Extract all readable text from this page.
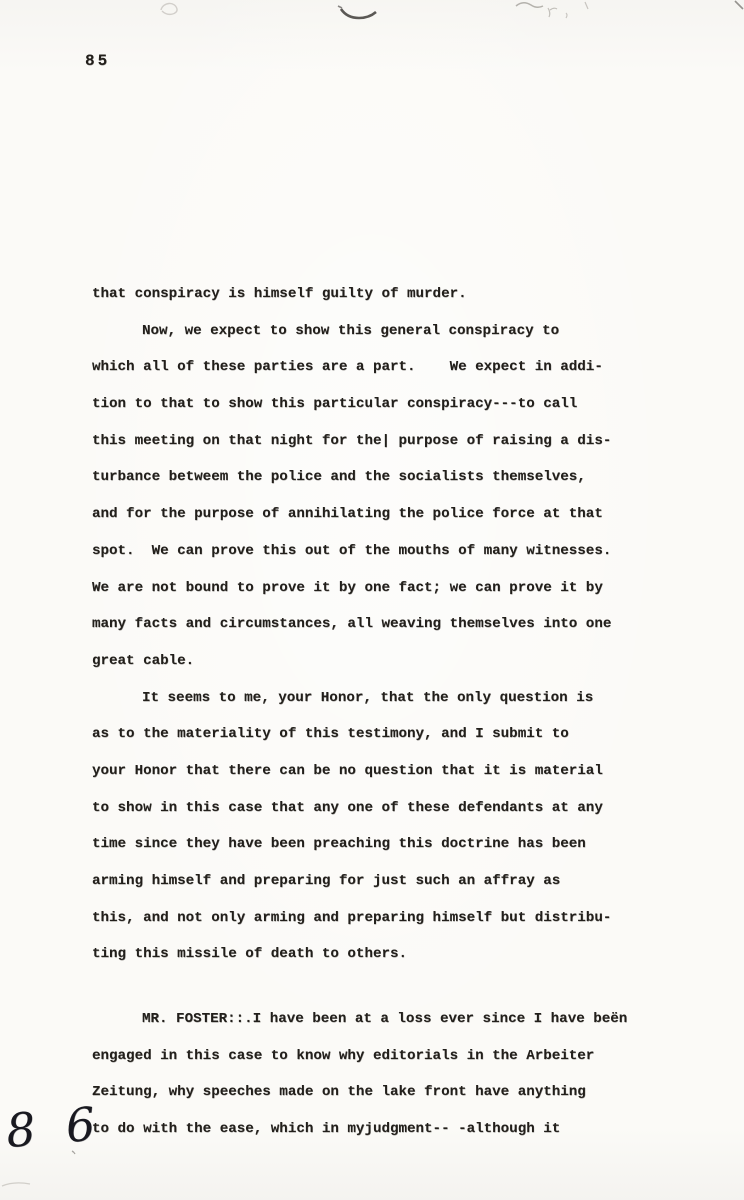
85
that conspiracy is himself guilty of murder.
Now, we expect to show this general conspiracy to
which all of these parties are a part.    We expect in addi-
tion to that to show this particular conspiracy---to call
this meeting on that night for the| purpose of raising a dis-
turbance betweem the police and the socialists themselves,
and for the purpose of annihilating the police force at that
spot.  We can prove this out of the mouths of many witnesses.
We are not bound to prove it by one fact; we can prove it by
many facts and circumstances, all weaving themselves into one
great cable.
It seems to me, your Honor, that the only question is
as to the materiality of this testimony, and I submit to
your Honor that there can be no question that it is material
to show in this case that any one of these defendants at any
time since they have been preaching this doctrine has been
arming himself and preparing for just such an affray as
this, and not only arming and preparing himself but distribu-
ting this missile of death to others.
MR. FOSTER::.I have been at a loss ever since I have beën
engaged in this case to know why editorials in the Arbeiter
Zeitung, why speeches made on the lake front have anything
to do with the ease, which in myjudgment-- -although it
8 6
